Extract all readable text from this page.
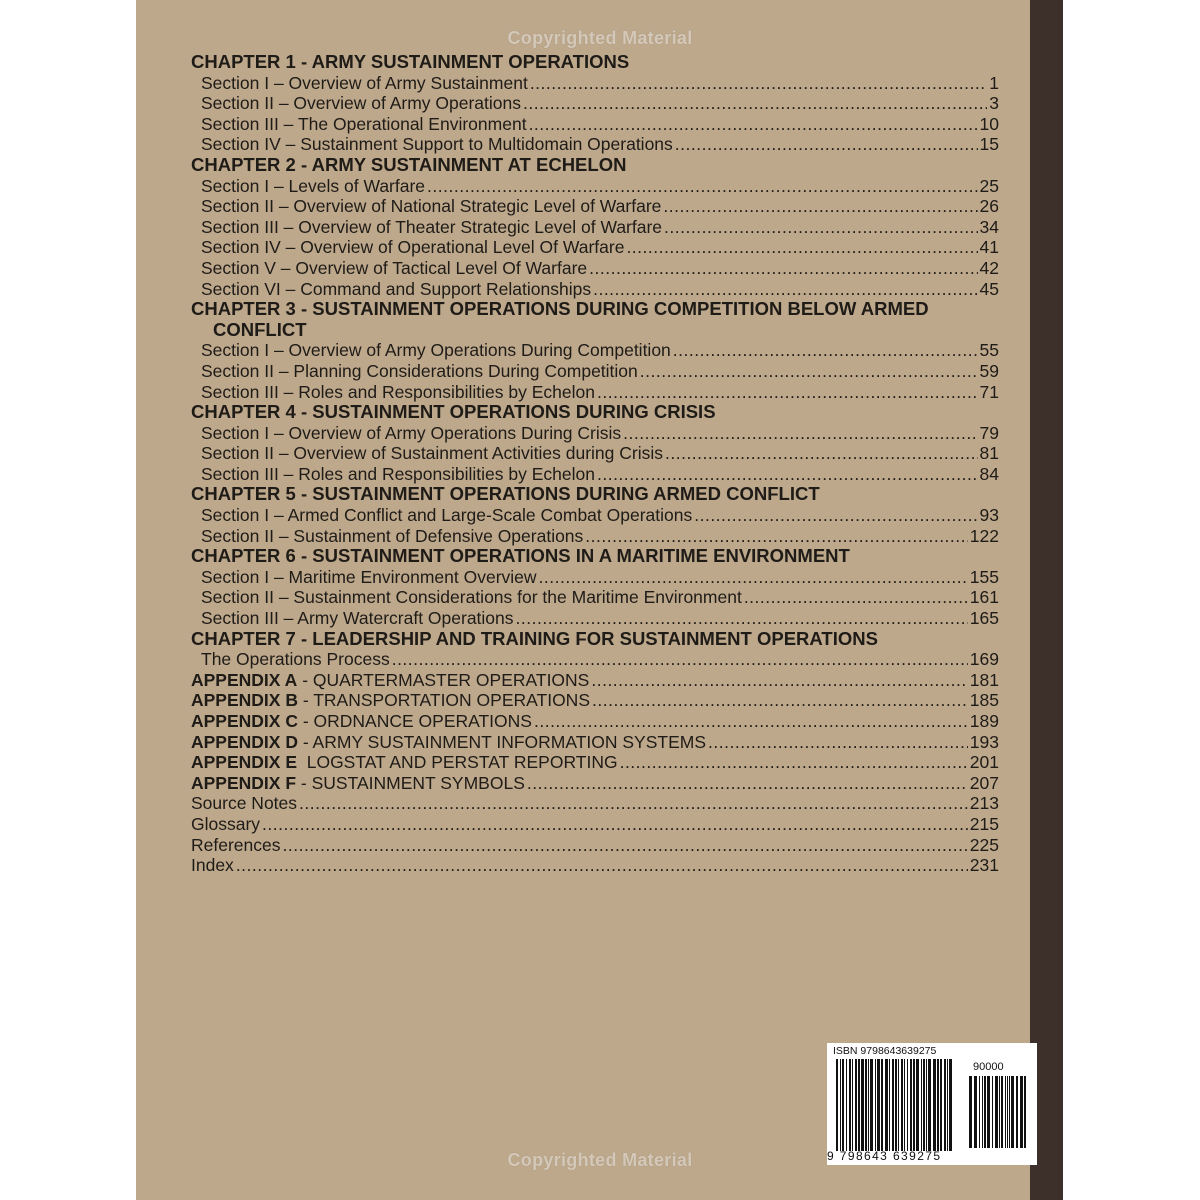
Copyrighted Material
CHAPTER 1 - ARMY SUSTAINMENT OPERATIONS
Section I – Overview of Army Sustainment .....	1
Section II – Overview of Army Operations .....	3
Section III – The Operational Environment .....	10
Section IV – Sustainment Support to Multidomain Operations .....	15
CHAPTER 2 - ARMY SUSTAINMENT AT ECHELON
Section I – Levels of Warfare .....	25
Section II – Overview of National Strategic Level of Warfare .....	26
Section III – Overview of Theater Strategic Level of Warfare .....	34
Section IV – Overview of Operational Level Of Warfare .....	41
Section V – Overview of Tactical Level Of Warfare .....	42
Section VI – Command and Support Relationships .....	45
CHAPTER 3 - SUSTAINMENT OPERATIONS DURING COMPETITION BELOW ARMED
CONFLICT
Section I – Overview of Army Operations During Competition .....	55
Section II – Planning Considerations During Competition .....	59
Section III – Roles and Responsibilities by Echelon .....	71
CHAPTER 4 - SUSTAINMENT OPERATIONS DURING CRISIS
Section I – Overview of Army Operations During Crisis .....	79
Section II – Overview of Sustainment Activities during Crisis .....	81
Section III – Roles and Responsibilities by Echelon .....	84
CHAPTER 5 - SUSTAINMENT OPERATIONS DURING ARMED CONFLICT
Section I – Armed Conflict and Large-Scale Combat Operations .....	93
Section II – Sustainment of Defensive Operations .....	122
CHAPTER 6 - SUSTAINMENT OPERATIONS IN A MARITIME ENVIRONMENT
Section I – Maritime Environment Overview .....	155
Section II – Sustainment Considerations for the Maritime Environment .....	161
Section III – Army Watercraft Operations .....	165
CHAPTER 7 - LEADERSHIP AND TRAINING FOR SUSTAINMENT OPERATIONS
The Operations Process .....	169
APPENDIX A - QUARTERMASTER OPERATIONS .....	181
APPENDIX B - TRANSPORTATION OPERATIONS .....	185
APPENDIX C - ORDNANCE OPERATIONS .....	189
APPENDIX D - ARMY SUSTAINMENT INFORMATION SYSTEMS .....	193
APPENDIX E  LOGSTAT AND PERSTAT REPORTING .....	201
APPENDIX F - SUSTAINMENT SYMBOLS .....	207
Source Notes .....	213
Glossary .....	215
References .....	225
Index .....	231
Copyrighted Material
ISBN 9798643639275
90000
9 798643 639275
